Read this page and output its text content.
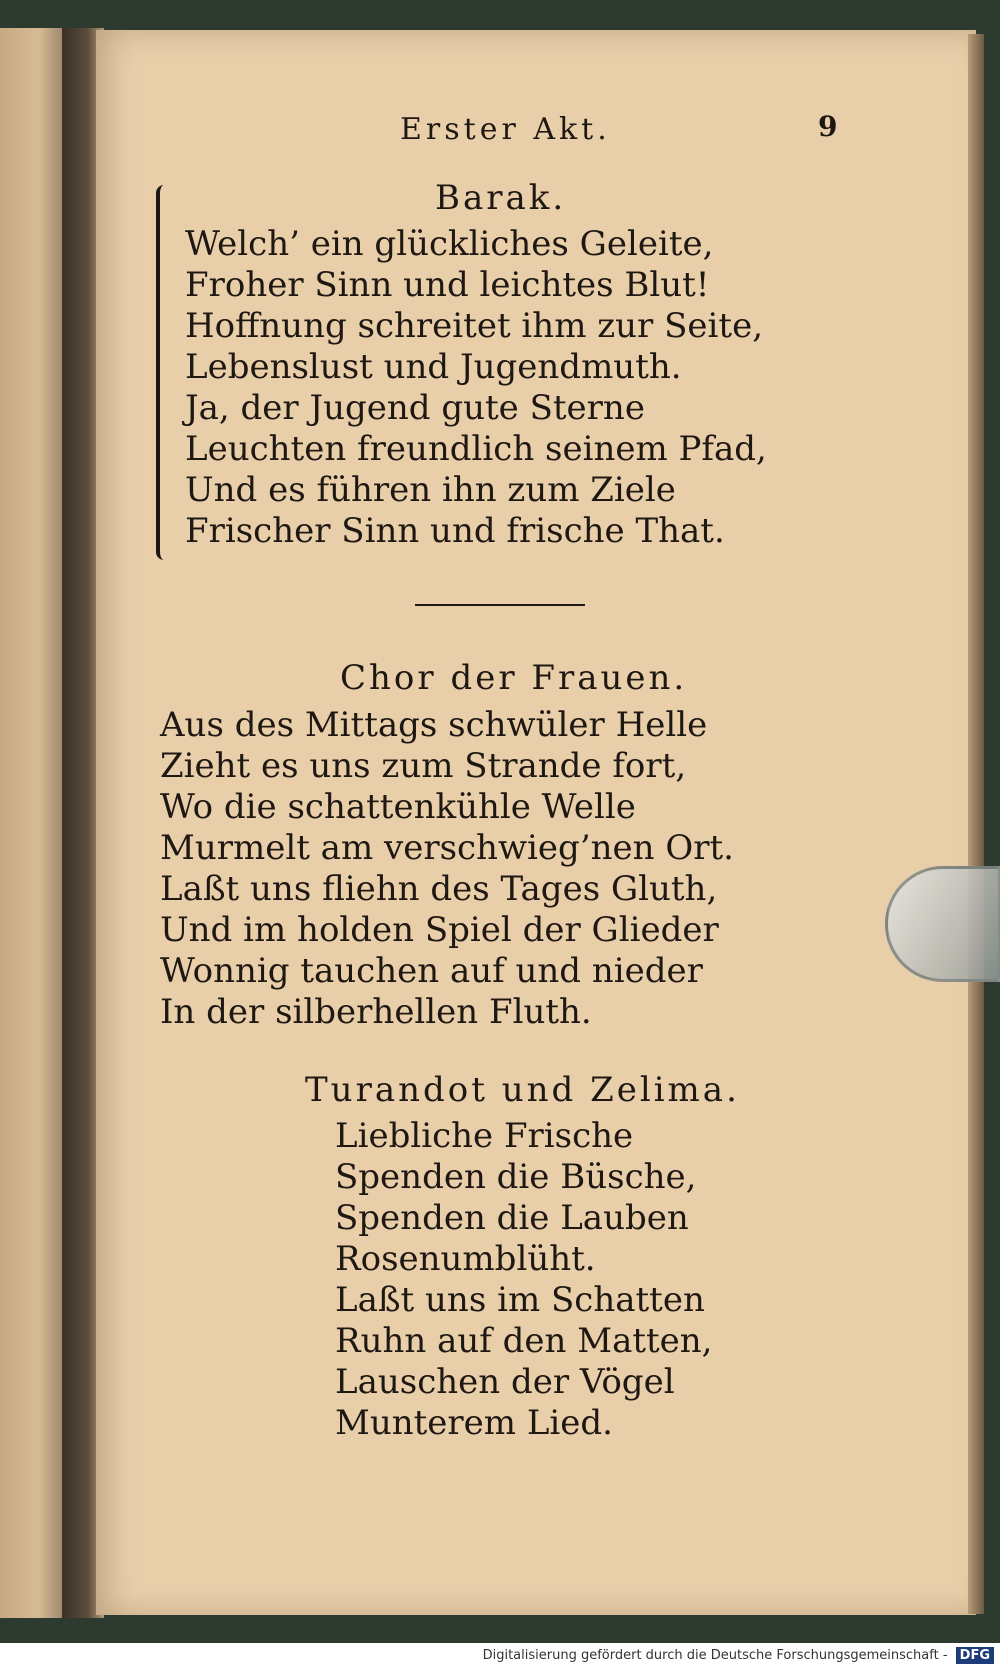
Erster Akt.	9
Barak.
Welch’ ein glückliches Geleite,
Froher Sinn und leichtes Blut!
Hoffnung schreitet ihm zur Seite,
Lebenslust und Jugendmuth.
Ja, der Jugend gute Sterne
Leuchten freundlich seinem Pfad,
Und es führen ihn zum Ziele
Frischer Sinn und frische That.
Chor der Frauen.
Aus des Mittags schwüler Helle
Zieht es uns zum Strande fort,
Wo die schattenkühle Welle
Murmelt am verschwieg’nen Ort.
Laßt uns fliehn des Tages Gluth,
Und im holden Spiel der Glieder
Wonnig tauchen auf und nieder
In der silberhellen Fluth.
Turandot und Zelima.
Liebliche Frische
Spenden die Büsche,
Spenden die Lauben
Rosenumblüht.
Laßt uns im Schatten
Ruhn auf den Matten,
Lauschen der Vögel
Munterem Lied.
Digitalisierung gefördert durch die Deutsche Forschungsgemeinschaft - DFG
